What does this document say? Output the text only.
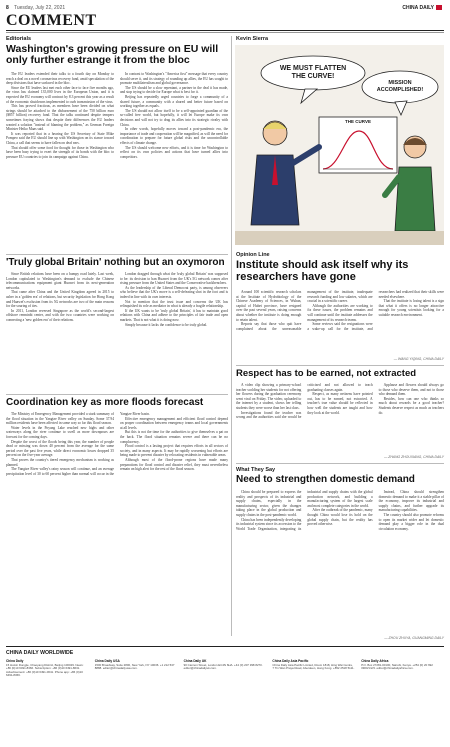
8 Tuesday, July 22, 2021	CHINA DAILY
COMMENT
Editorials
Washington's growing pressure on EU will only further estrange it from the bloc

The EU leaders extended their talks to a fourth day on Monday to reach a deal on a novel coronavirus recovery fund, amid speculation of the deep divisions that have surfaced in the bloc.

Since the EU leaders last met each other face to face five months ago, the virus has claimed 135,000 lives in the European Union, and it is expected the EU economy will contract by 8.3 percent this year as a result of the economic shutdowns implemented to curb transmission of the virus.

This has proved fractious, as members have been divided on what strings should be attached to the disbursement of the 750 billion euro ($857 billion) recovery fund. That the talks continued despite tempers sometimes fraying shows that despite their differences the EU leaders wanted a solution "instead of blaming the problem," as German Foreign Minister Heiko Maas said.

It was reported that in a hearing the US Secretary of State Mike Pompeo said the EU should line up with Washington on its stance toward China, a call that seems to have fallen on deaf ears.

That should offer some food for thought for those in Washington who have been busy trying to exert the strength of its bonds with the bloc to pressure EU countries to join its campaign against China.

In contrast to Washington's "America first" message that every country should serve it, and its strategy of rounding up allies, the EU has sought to promote multilateralism and global governance.

The US should be a slow repentant, a partner in the deal it has made, and stop trying to decide for Europe what is best for it.

Beijing has repeatedly urged countries to forge a community of a shared future, a community with a shared and better future based on working together as equals.

The US should not allow itself to be a self-appointed guardian of the so-called free world, but hopefully, it will let Europe make its own decisions and will not try to drag its allies into its strategic rivalry with China.

In other words, hopefully moves toward a post-pandemic era, the importance of trade and cooperation will be magnified, as will the need for coordination to prepare for future global risks and the uncontrollable effects of climate change.

The US should welcome new efforts, and it is time for Washington to reflect on its own policies and actions that have turned allies into competitors.

Kevin Sierra
WE MUST FLATTEN THE CURVE!
MISSION ACCOMPLISHED!
THE CURVE
Opinion Line
Institute should ask itself why its researchers have gone

Around 100 scientific research scholars at the Institute of Hydrobiology of the Chinese Academy of Sciences, in Wuhan, capital of Hubei province, have resigned over the past several years, raising concerns about whether the institute is doing enough to retain talent.

Reports say that those who quit have complained about the unreasonable management of the institute, inadequate research funding and low salaries, which are crucial in a scientific career.

Although the authorities are working to fix these issues, the problem remains and will continue until the institute addresses the management of its research teams.

Some reviews said the resignations were a wake-up call for the institute, and researchers had realized that their skills were needed elsewhere.

That the institute is losing talent is a sign that what it offers is no longer attractive enough for young scientists looking for a suitable research environment.

— WANG YIQING, CHINA DAILY
Respect has to be earned, not extracted

A video clip showing a primary-school teacher scolding her students for not offering her flowers during the graduation ceremony went viral on Friday. The video, uploaded to the internet by a student, shows her telling students they were worse than her last class.

Investigations found the teacher was wrong and the authorities said she would be criticized and not allowed to teach graduating classes again.

Respect, as many netizens have pointed out, has to be earned, not extracted. A teacher's true value should be reflected in how well the students are taught and how they look at the world.

Applause and flowers should always go to those who deserve them, and not to those who demand them.

Besides, how can one who thinks so much about rewards be a good teacher? Students deserve respect as much as teachers do.

— ZHANG ZHOUXIANG, CHINA DAILY
What They Say
Need to strengthen domestic demand

China should be prepared to express the reality and prospects of its industrial and supply chains, especially in the manufacturing sector, given the changes taking place in the global production and supply chains in the post-pandemic world.

China has been independently developing its industrial system since its accession to the World Trade Organization, integrating its industrial and supply chains with the global production network, and building a manufacturing system of the largest scale and most complete categories in the world.

After the outbreak of the pandemic, many thought China would lose its hold on the global supply chain, but the reality has proved otherwise.

Instead, China should strengthen domestic demand to make it a stable pillar of the economy, improve its industrial and supply chains, and further upgrade its manufacturing capabilities.

The country should also promote reforms to open its market wider and let domestic demand play a bigger role in the dual circulation economy.

— ZHOU ZHUYA, GUANGMING DAILY
'Truly global Britain' nothing but an oxymoron

Since British relations have been on a bumpy road lately. Last week, London capitulated to Washington's demand to exclude the Chinese telecommunications equipment giant Huawei from its next-generation networks.

That came after China and the United Kingdom agreed in 2015 to usher in a 'golden era' of relations, but security legislation for Hong Kong and Huawei's exclusion from its 5G networks are two of the main reasons for the souring of ties.

In 2011, London reversed Singapore as the world's second-largest offshore renminbi center, and with the two countries were working on connecting a 'new golden era' of their relations.

London dragged through what the 'truly global Britain' was supposed to be: its decision to ban Huawei from the UK's 5G network comes after rising pressure from the United States and the Conservative backbenchers.

As the leadership of the Liberal Democrat party, is among observers who believe that the UK's move is a self-defeating shot in the foot and is indeed in line with its own interests.

Not to mention that the trust issue and concerns the UK has relinquished its role as mediator in what is already a fragile relationship.

If the UK wants to be 'truly global Britain', it has to maintain good relations with China and adhere to the principles of fair trade and open markets. That is not what it is doing now.

Simply because it lacks the confidence to be truly global.

Coordination key as more floods forecast

The Ministry of Emergency Management provided a stark summary of the flood situation in the Yangtze River valley on Sunday. Some 37.94 million residents have been affected in some way so far this flood season.

Water levels in the Poyang Lake reached new highs and other waterways along the river continue to swell as more downpours are forecast for the coming days.

Despite the worst of the floods being this year, the number of people dead or missing was down 40 percent from the average for the same period over the past five years, while direct economic losses dropped 35 percent on the five-year average.

That proves the country's tiered emergency mechanism is working as planned.

The Yangtze River valley's rainy season will continue, and an average precipitation level of 30 to 60 percent higher than normal will occur in the Yangtze River basin.

Effective emergency management and efficient flood control depend on proper coordination between emergency teams and local governments at all levels.

But this is not the time for the authorities to give themselves a pat on the back. The flood situation remains severe and there can be no complacency.

Flood control is a lasting project that requires efforts in all sectors of society, and in many aspects. It may be rapidly worsening but efforts are being made to prevent disaster by relocating residents in vulnerable areas.

Although most of the flood-prone regions have made many preparations for flood control and disaster relief, they must nevertheless remain on high alert for the rest of the flood season.

CHINA DAILY WORLDWIDE
China Daily
15 Huixin Dongjie, Chaoyang District, Beijing 100029. News: +86 (0)10 6491-8366. Subscription: +86 (0)10 6491-8631. Advertisement: +86 (0)10 6491-0641. Phone app: +86 (0)10 6491-8366.
China Daily USA
1500 Broadway, Suite 2800, New York, NY 10036. +1 212 537 8888. editor@chinadailyusa.com.
China Daily UK
90 Cannon Street, London EC4N 6HA. +44 (0) 207 398 8270. editor@chinadailyuk.com.
China Daily Asia Pacific
China Daily Asia Pacific Limited, Room 1818, Hing Wai Centre, 7 Tin Wan Praya Road, Aberdeen, Hong Kong. +852 2518 5111.
China Daily Africa
P.O. Box 27281-00100, Nairobi, Kenya. +254 (0) 20 692 0900/1/2/3. editor@chinadailyafrica.com.
